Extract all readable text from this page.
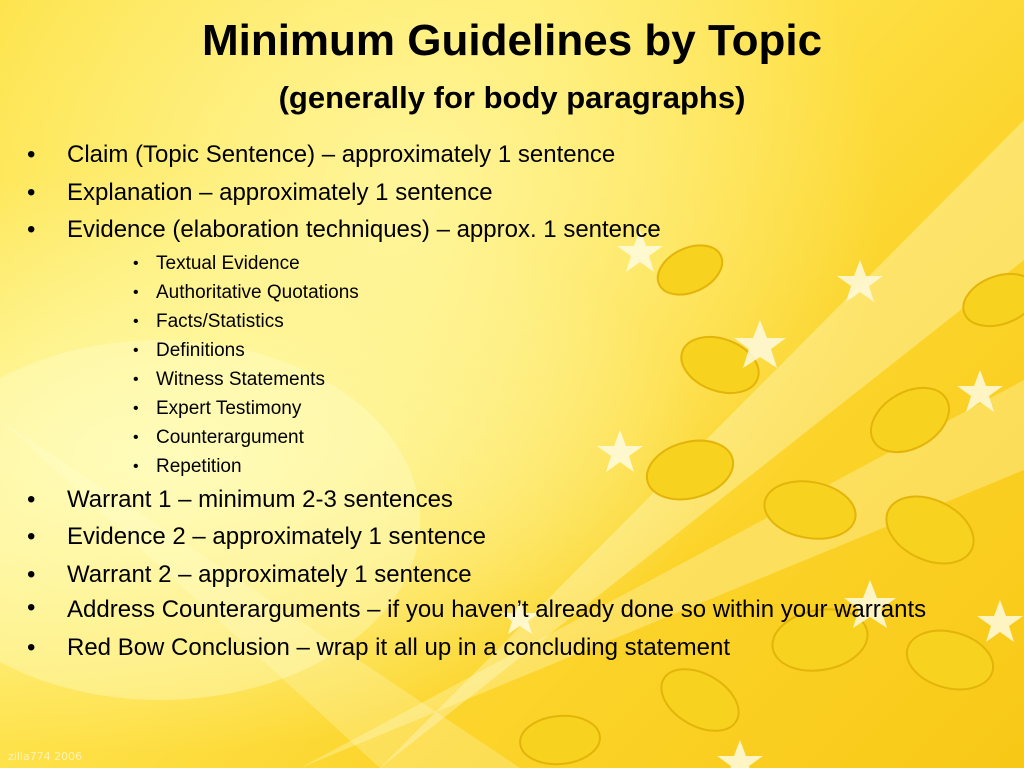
Minimum Guidelines by Topic
(generally for body paragraphs)
• Claim (Topic Sentence) – approximately 1 sentence
• Explanation – approximately 1 sentence
• Evidence (elaboration techniques) – approx. 1 sentence
• Textual Evidence
• Authoritative Quotations
• Facts/Statistics
• Definitions
• Witness Statements
• Expert Testimony
• Counterargument
• Repetition
• Warrant 1 – minimum 2-3 sentences
• Evidence 2 – approximately 1 sentence
• Warrant 2 – approximately 1 sentence
• Address Counterarguments – if you haven’t already done so within your warrants
• Red Bow Conclusion – wrap it all up in a concluding statement
zilla774 2006
